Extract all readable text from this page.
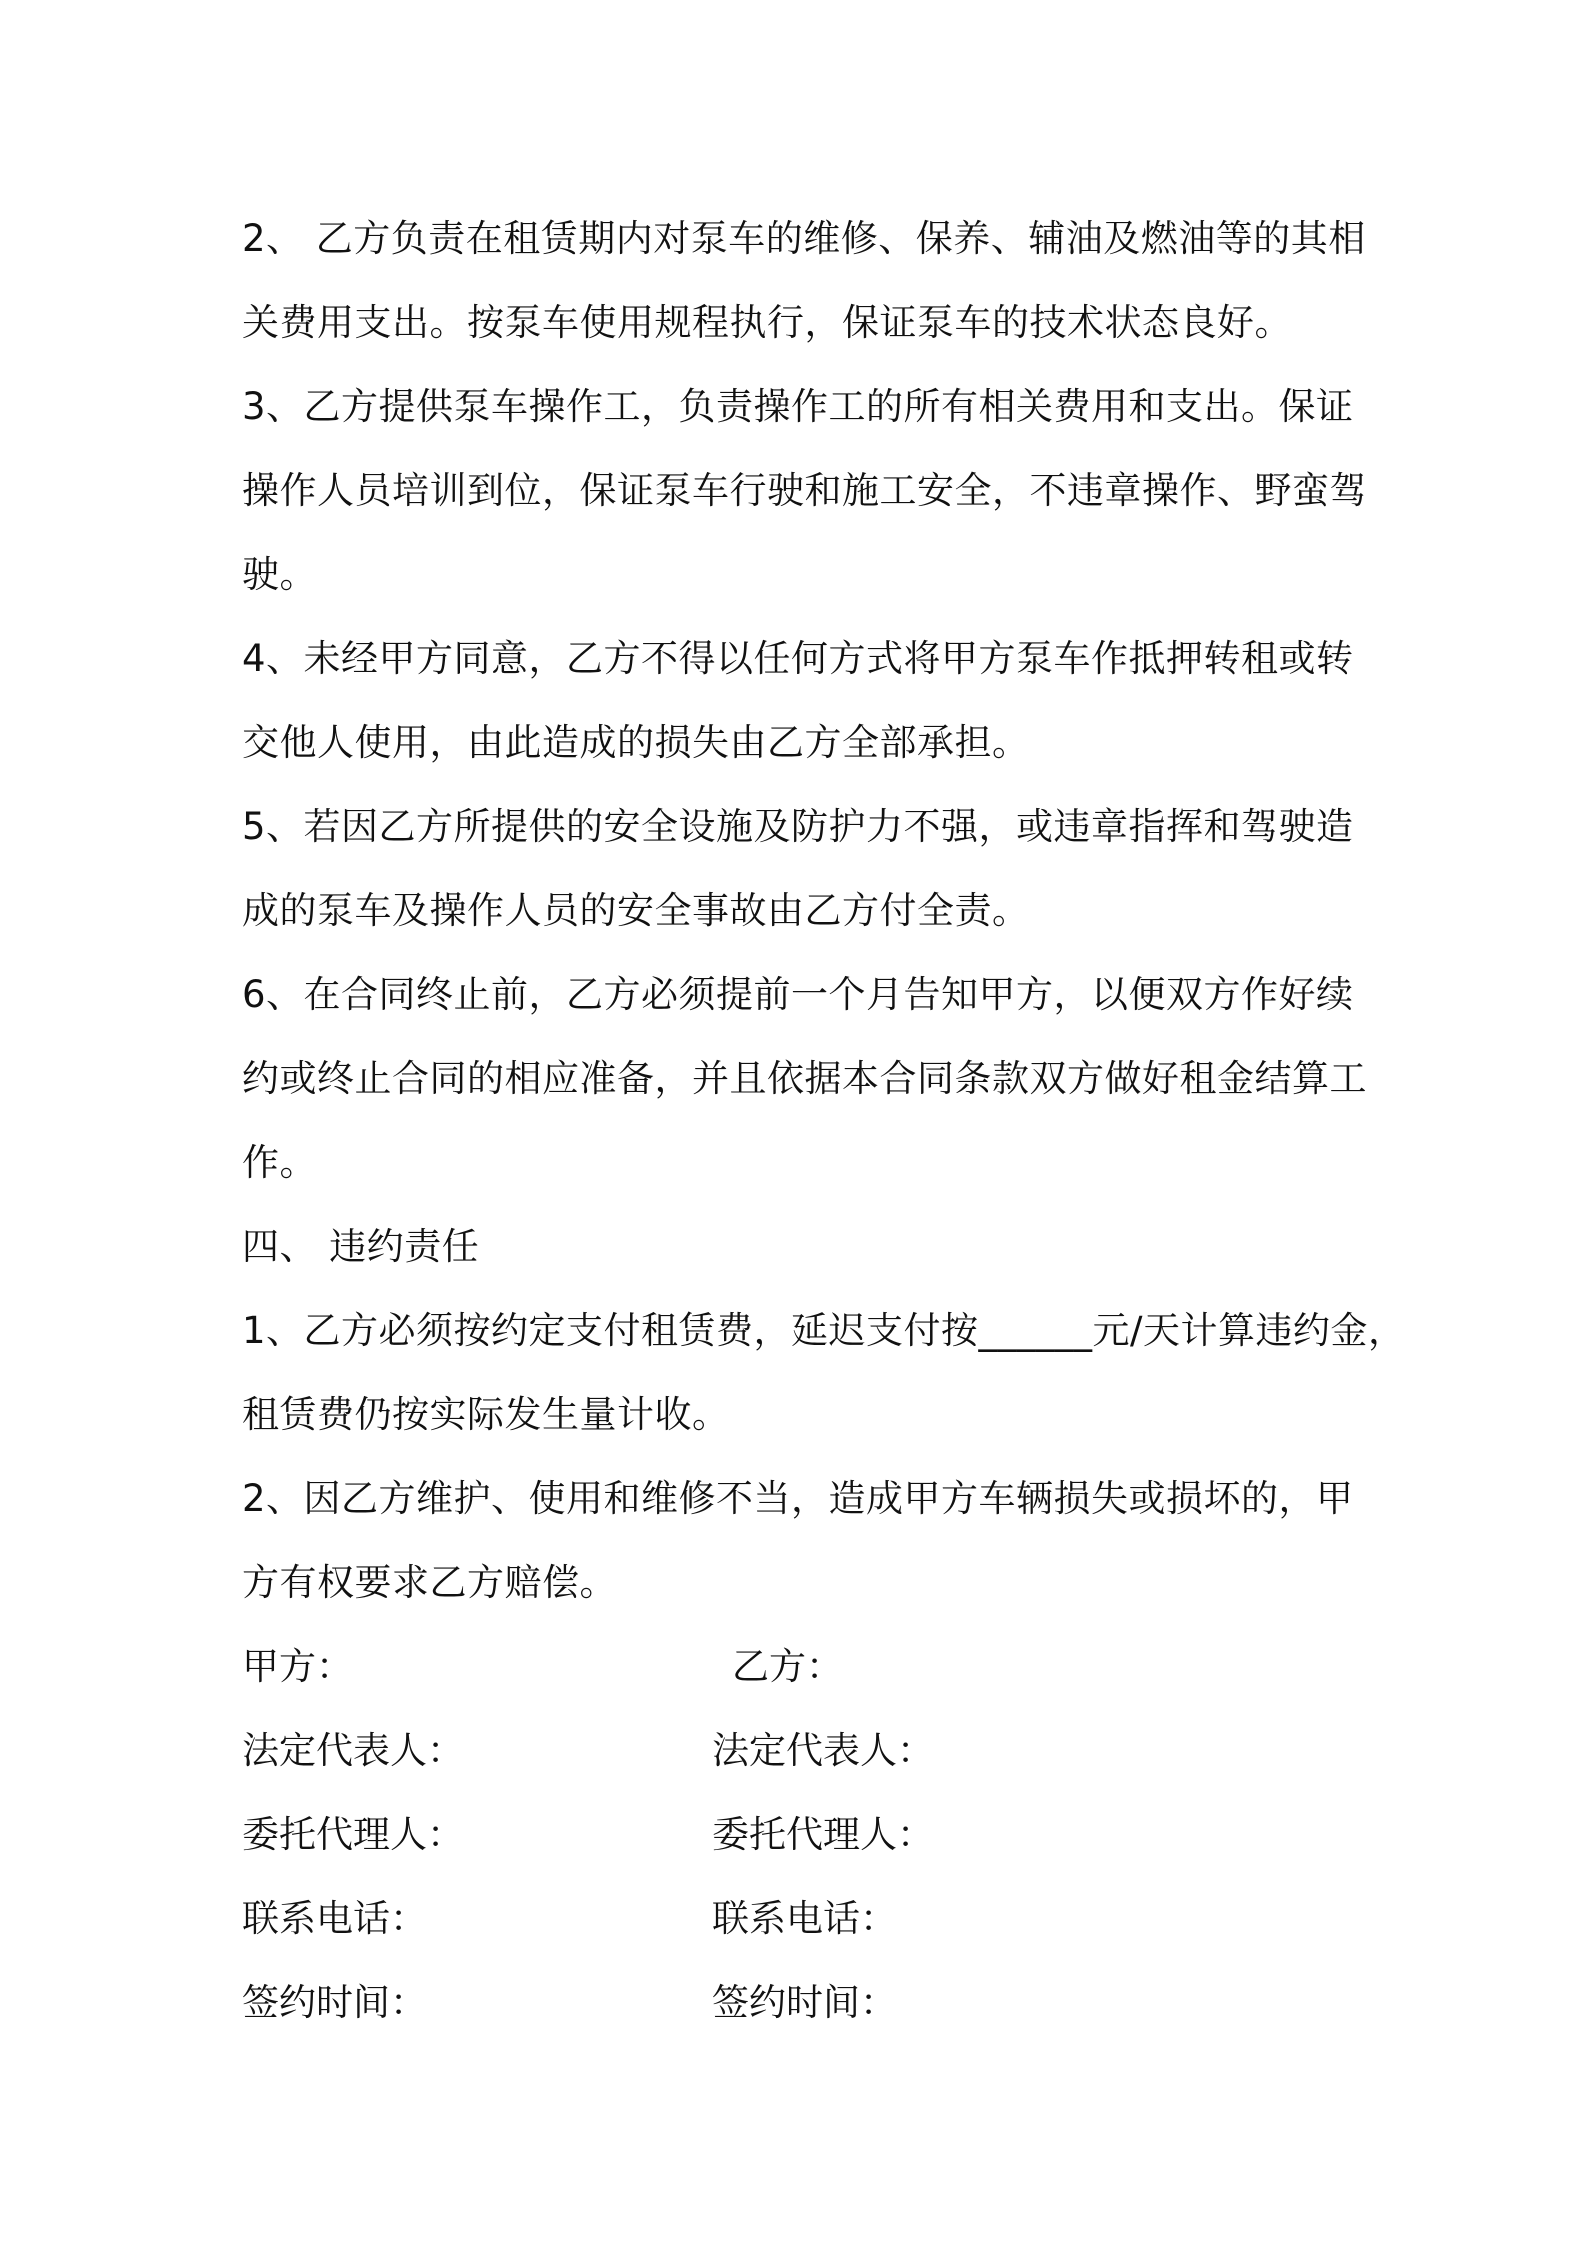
2、 乙方负责在租赁期内对泵车的维修、保养、辅油及燃油等的其相
关费用支出。按泵车使用规程执行，保证泵车的技术状态良好。
3、乙方提供泵车操作工，负责操作工的所有相关费用和支出。保证
操作人员培训到位，保证泵车行驶和施工安全，不违章操作、野蛮驾
驶。
4、未经甲方同意，乙方不得以任何方式将甲方泵车作抵押转租或转
交他人使用，由此造成的损失由乙方全部承担。
5、若因乙方所提供的安全设施及防护力不强，或违章指挥和驾驶造
成的泵车及操作人员的安全事故由乙方付全责。
6、在合同终止前，乙方必须提前一个月告知甲方，以便双方作好续
约或终止合同的相应准备，并且依据本合同条款双方做好租金结算工
作。
四、 违约责任
1、乙方必须按约定支付租赁费，延迟支付按______元/天计算违约金，
租赁费仍按实际发生量计收。
2、因乙方维护、使用和维修不当，造成甲方车辆损失或损坏的，甲
方有权要求乙方赔偿。
甲方：	乙方：
法定代表人：	法定代表人：
委托代理人：	委托代理人：
联系电话：	联系电话：
签约时间：	签约时间：
